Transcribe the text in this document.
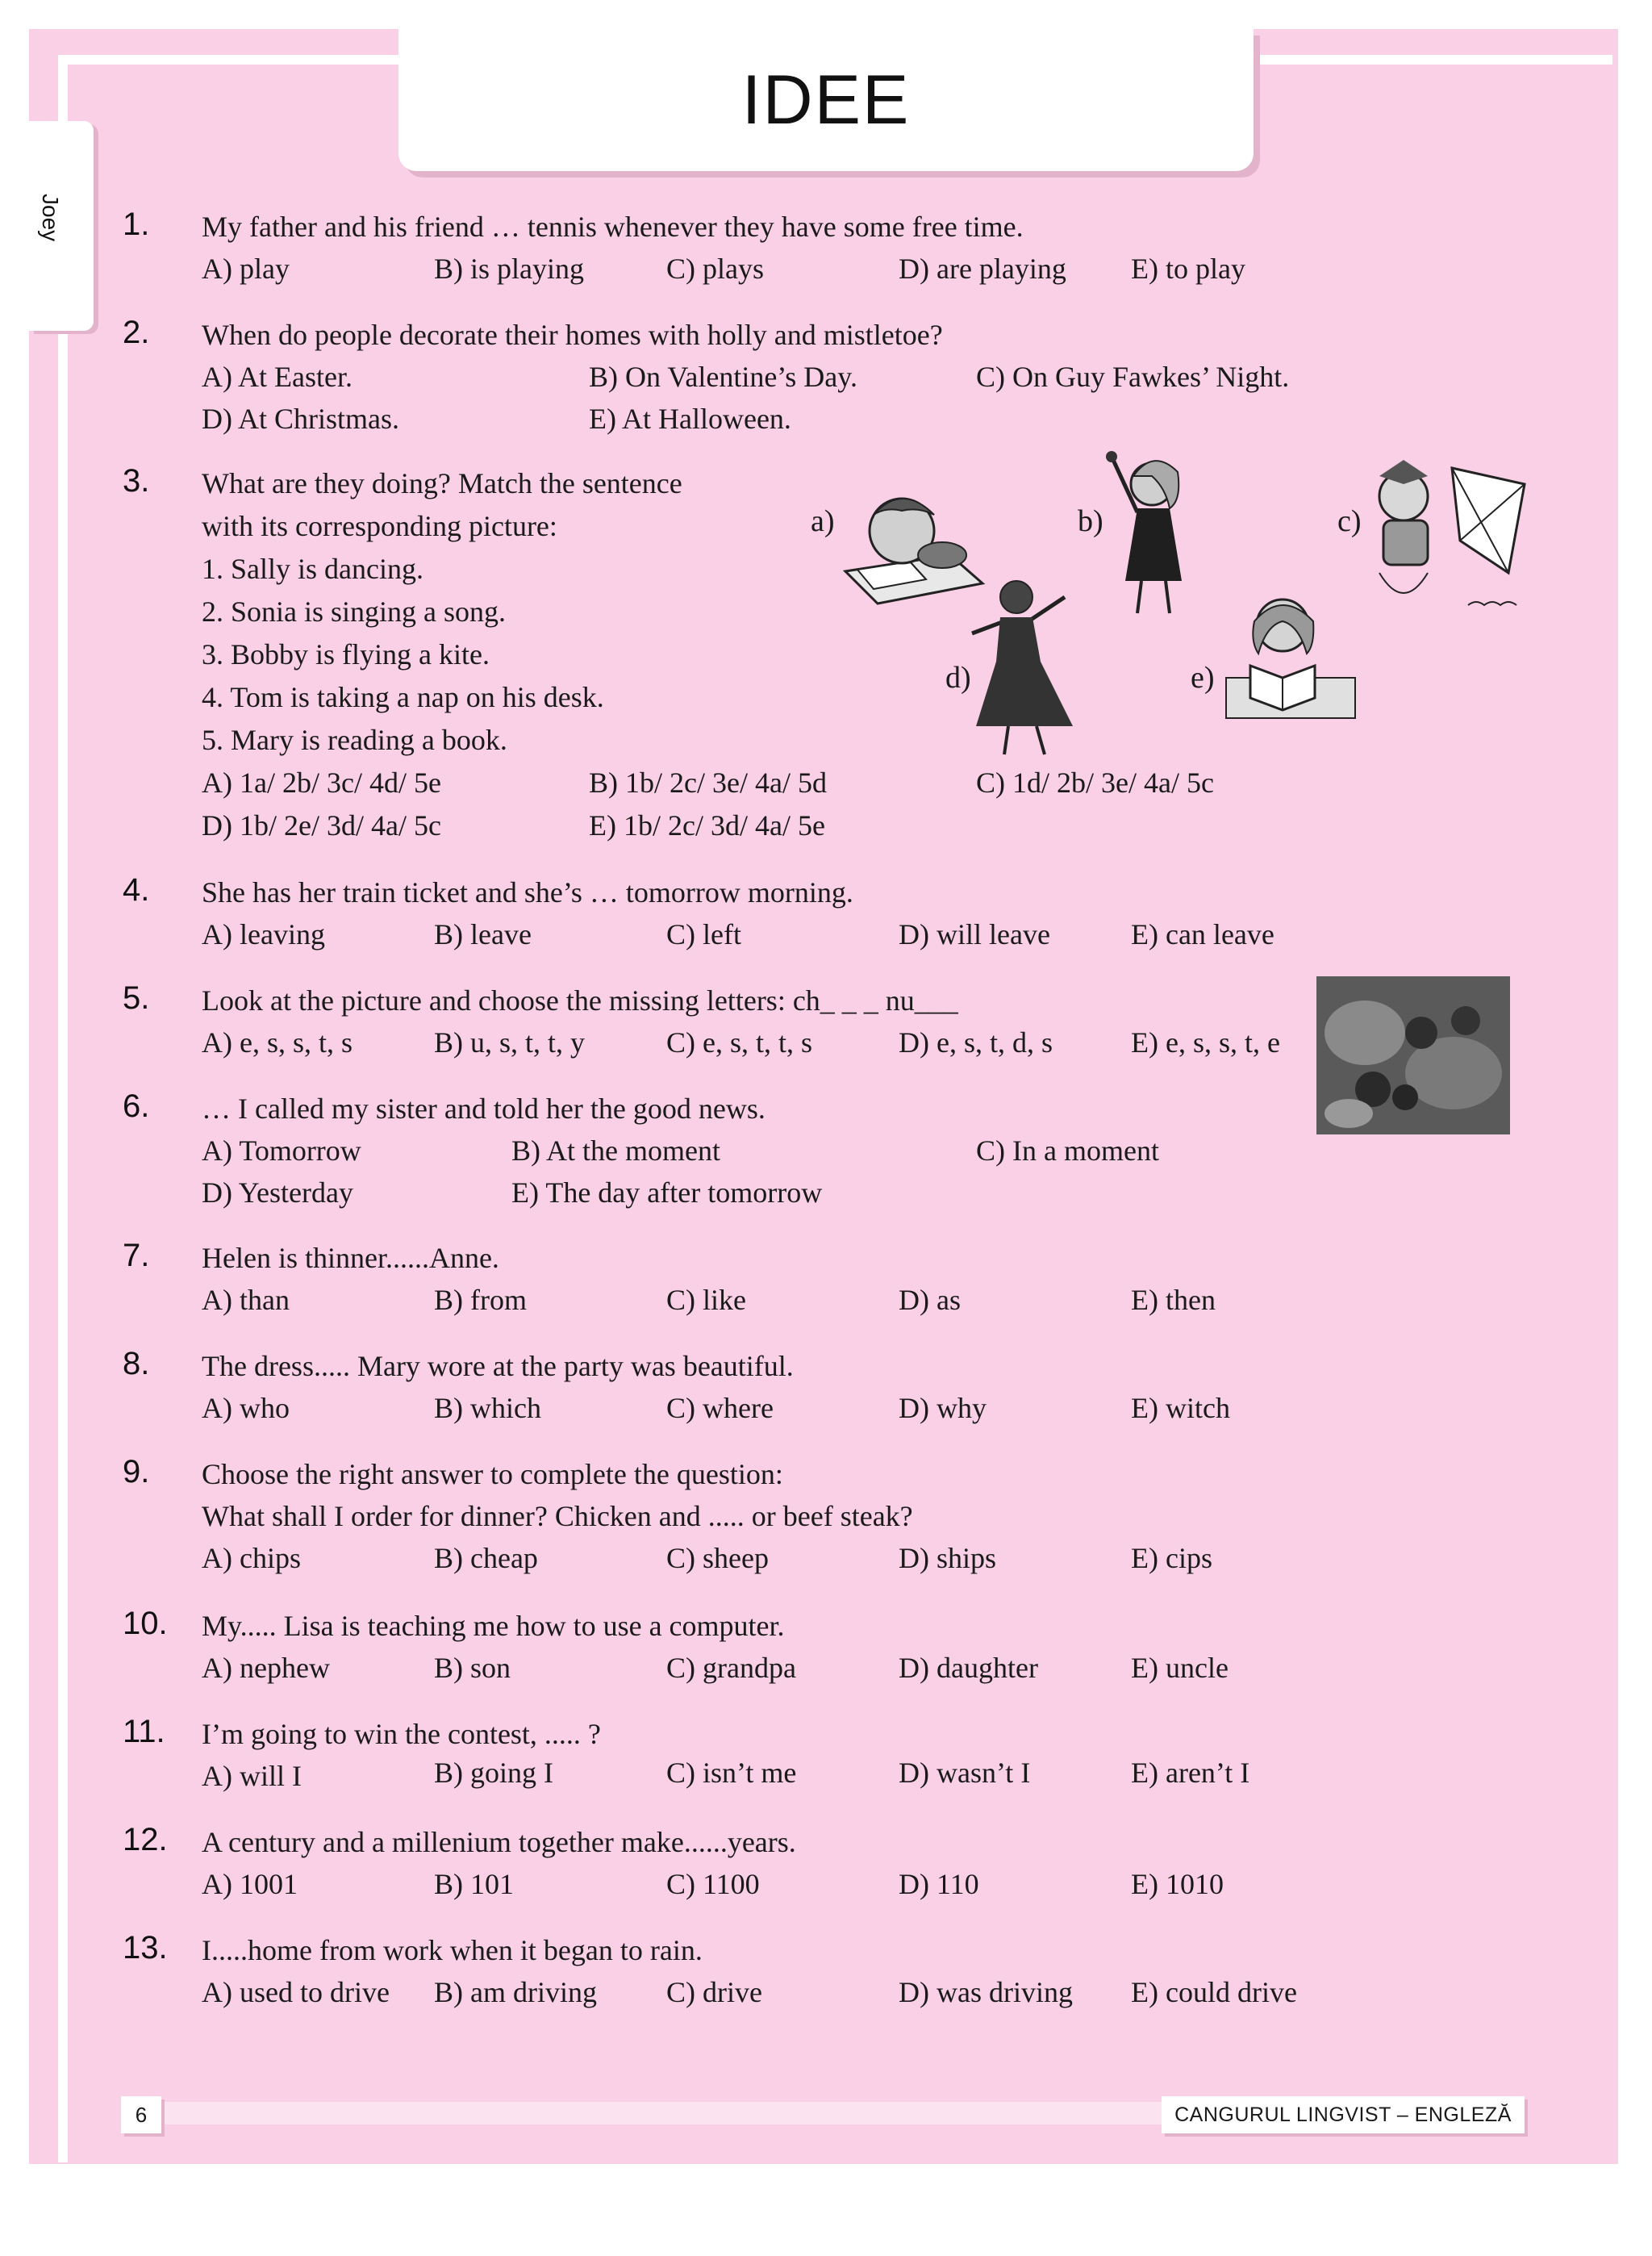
IDEE
Joey 1. My father and his friend … tennis whenever they have some free time.
A) play	B) is playing	C) plays	D) are playing E) to play
2. When do people decorate their homes with holly and mistletoe?
A) At Easter.	B) On Valentine’s Day.	C) On Guy Fawkes’ Night.
D) At Christmas.	E) At Halloween.
3. What are they doing? Match the sentence
with its corresponding picture:
1. Sally is dancing.
2. Sonia is singing a song.
3. Bobby is flying a kite.
4. Tom is taking a nap on his desk.
5. Mary is reading a book.
A) 1a/ 2b/ 3c/ 4d/ 5e	B) 1b/ 2c/ 3e/ 4a/ 5d	C) 1d/ 2b/ 3e/ 4a/ 5c
D) 1b/ 2e/ 3d/ 4a/ 5c	E) 1b/ 2c/ 3d/ 4a/ 5e
a)	b)	c)
d)	e)
4. She has her train ticket and she’s … tomorrow morning.
A) leaving	B) leave	C) left	D) will leave	E) can leave
5. Look at the picture and choose the missing letters: ch_ _ _ nu___
A) e, s, s, t, s	B) u, s, t, t, y	C) e, s, t, t, s	D) e, s, t, d, s	E) e, s, s, t, e
6. … I called my sister and told her the good news.
A) Tomorrow	B) At the moment	C) In a moment
D) Yesterday	E) The day after tomorrow
7. Helen is thinner......Anne.
A) than	B) from	C) like	D) as	E) then
8. The dress..... Mary wore at the party was beautiful.
A) who	B) which	C) where	D) why	E) witch
9. Choose the right answer to complete the question:
What shall I order for dinner? Chicken and ..... or beef steak?
A) chips	B) cheap	C) sheep	D) ships	E) cips
10. My..... Lisa is teaching me how to use a computer.
A) nephew	B) son	C) grandpa	D) daughter	E) uncle
11. I’m going to win the contest, ..... ?
A) will I	B) going I	C) isn’t me	D) wasn’t I	E) aren’t I
12. A century and a millenium together make......years.
A) 1001	B) 101	C) 1100	D) 110	E) 1010
13. I.....home from work when it began to rain.
A) used to drive B) am driving C) drive	D) was driving E) could drive
6	CANGURUL LINGVIST – ENGLEZĂ
